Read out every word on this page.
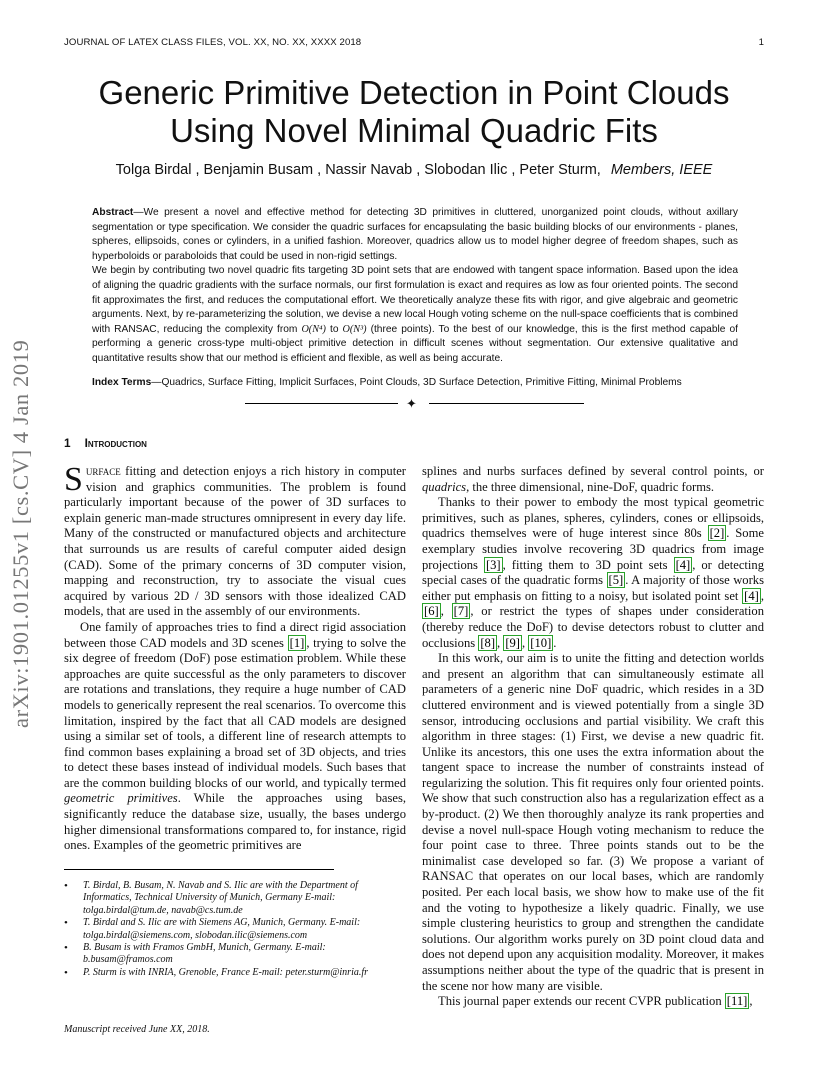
JOURNAL OF LATEX CLASS FILES, VOL. XX, NO. XX, XXXX 2018	1
Generic Primitive Detection in Point Clouds
Using Novel Minimal Quadric Fits
Tolga Birdal , Benjamin Busam , Nassir Navab , Slobodan Ilic , Peter Sturm, Members, IEEE

Abstract—We present a novel and effective method for detecting 3D primitives in cluttered, unorganized point clouds, without axillary segmentation or type specification. We consider the quadric surfaces for encapsulating the basic building blocks of our environments - planes, spheres, ellipsoids, cones or cylinders, in a unified fashion. Moreover, quadrics allow us to model higher degree of freedom shapes, such as hyperboloids or paraboloids that could be used in non-rigid settings.

We begin by contributing two novel quadric fits targeting 3D point sets that are endowed with tangent space information. Based upon the idea of aligning the quadric gradients with the surface normals, our first formulation is exact and requires as low as four oriented points. The second fit approximates the first, and reduces the computational effort. We theoretically analyze these fits with rigor, and give algebraic and geometric arguments. Next, by re-parameterizing the solution, we devise a new local Hough voting scheme on the null-space coefficients that is combined with RANSAC, reducing the complexity from O(N⁴) to O(N³) (three points). To the best of our knowledge, this is the first method capable of performing a generic cross-type multi-object primitive detection in difficult scenes without segmentation. Our extensive qualitative and quantitative results show that our method is efficient and flexible, as well as being accurate.

Index Terms—Quadrics, Surface Fitting, Implicit Surfaces, Point Clouds, 3D Surface Detection, Primitive Fitting, Minimal Problems
✦
arXiv:1901.01255v1 [cs.CV] 4 Jan 2019	1 Introduction

Surface fitting and detection enjoys a rich history in computer vision and graphics communities. The problem is found particularly important because of the power of 3D surfaces to explain generic man-made structures omnipresent in every day life. Many of the constructed or manufactured objects and architecture that surrounds us are results of careful computer aided design (CAD). Some of the primary concerns of 3D computer vision, mapping and reconstruction, try to associate the visual cues acquired by various 2D / 3D sensors with those idealized CAD models, that are used in the assembly of our environments.

One family of approaches tries to find a direct rigid association between those CAD models and 3D scenes [1] , trying to solve the six degree of freedom (DoF) pose estimation problem. While these approaches are quite successful as the only parameters to discover are rotations and translations, they require a huge number of CAD models to generically represent the real scenarios. To overcome this limitation, inspired by the fact that all CAD models are designed using a similar set of tools, a different line of research attempts to find common bases explaining a broad set of 3D objects, and tries to detect these bases instead of individual models. Such bases that are the common building blocks of our world, and typically termed geometric primitives. While the approaches using bases, significantly reduce the database size, usually, the bases undergo higher dimensional transformations compared to, for instance, rigid ones. Examples of the geometric primitives are

splines and nurbs surfaces defined by several control points, or quadrics, the three dimensional, nine-DoF, quadric forms.

Thanks to their power to embody the most typical geometric primitives, such as planes, spheres, cylinders, cones or ellipsoids, quadrics themselves were of huge interest since 80s [2] . Some exemplary studies involve recovering 3D quadrics from image projections [3] , fitting them to 3D point sets [4] , or detecting special cases of the quadratic forms [5] . A majority of those works either put emphasis on fitting to a noisy, but isolated point set [4] , [6] , [7] , or restrict the types of shapes under consideration (thereby reduce the DoF) to devise detectors robust to clutter and occlusions [8] , [9] , [10] .

In this work, our aim is to unite the fitting and detection worlds and present an algorithm that can simultaneously estimate all parameters of a generic nine DoF quadric, which resides in a 3D cluttered environment and is viewed potentially from a single 3D sensor, introducing occlusions and partial visibility. We craft this algorithm in three stages: (1) First, we devise a new quadric fit. Unlike its ancestors, this one uses the extra information about the tangent space to increase the number of constraints instead of regularizing the solution. This fit requires only four oriented points. We show that such construction also has a regularization effect as a by-product. (2) We then thoroughly analyze its rank properties and devise a novel null-space Hough voting mechanism to reduce the four point case to three. Three points stands out to be the minimalist case developed so far. (3) We propose a variant of RANSAC that operates on our local bases, which are randomly posited. Per each local basis, we show how to make use of the fit and the voting to hypothesize a likely quadric. Finally, we use simple clustering heuristics to group and strengthen the candidate solutions. Our algorithm works purely on 3D point cloud data and does not depend upon any acquisition modality. Moreover, it makes assumptions neither about the type of the quadric that is present in the scene nor how many are visible.

This journal paper extends our recent CVPR publication [11] ,

• T. Birdal, B. Busam, N. Navab and S. Ilic are with the Department of Informatics, Technical University of Munich, Germany E-mail: tolga.birdal@tum.de, navab@cs.tum.de
• T. Birdal and S. Ilic are with Siemens AG, Munich, Germany. E-mail: tolga.birdal@siemens.com, slobodan.ilic@siemens.com
• B. Busam is with Framos GmbH, Munich, Germany. E-mail: b.busam@framos.com
• P. Sturm is with INRIA, Grenoble, France E-mail: peter.sturm@inria.fr
Manuscript received June XX, 2018.
